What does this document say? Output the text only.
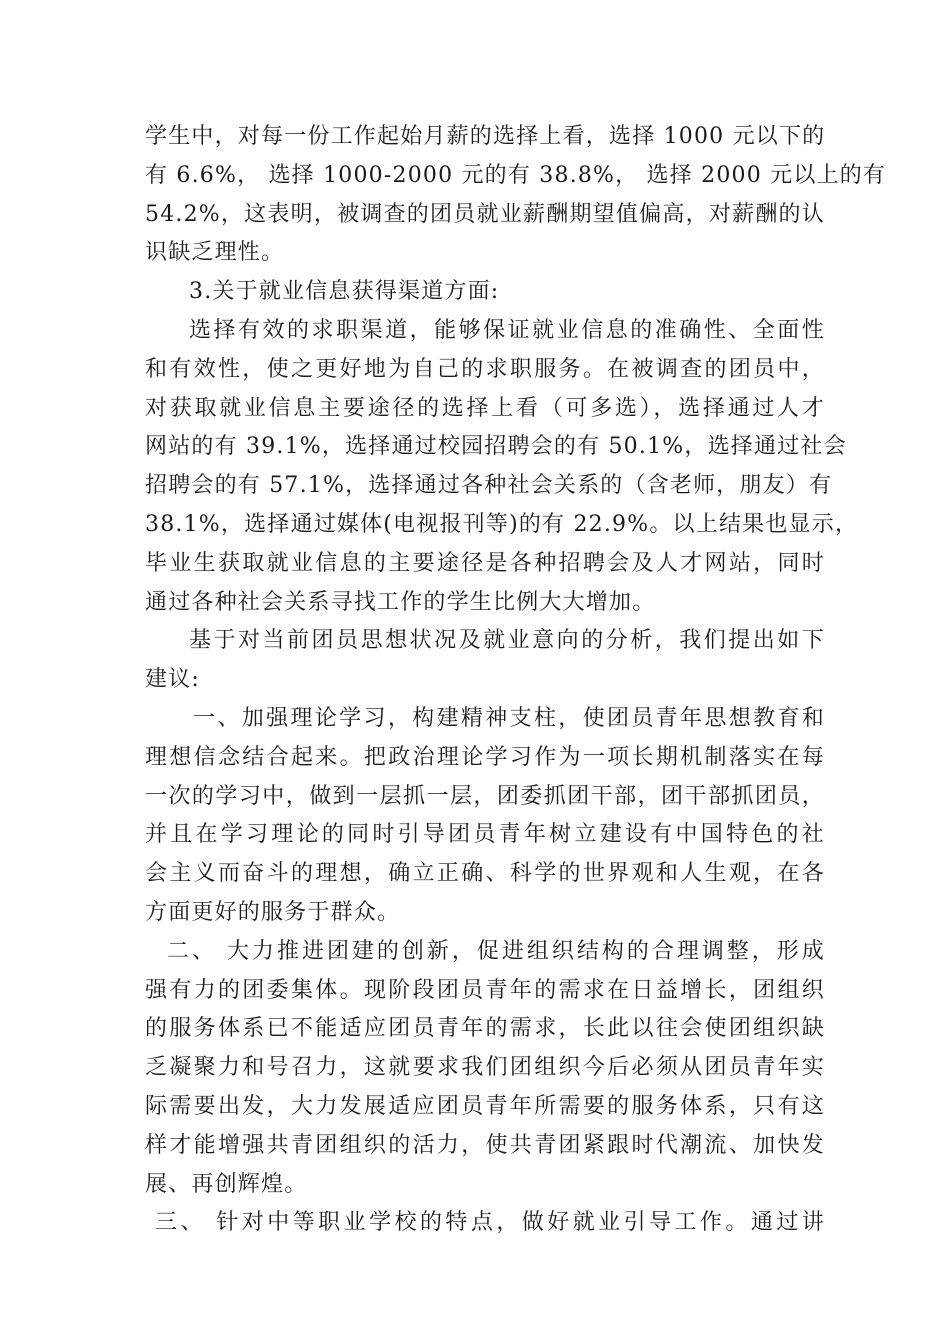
学生中，对每一份工作起始月薪的选择上看，选择 1000 元以下的
有 6.6%， 选择 1000-2000 元的有 38.8%， 选择 2000 元以上的有
54.2%，这表明，被调查的团员就业薪酬期望值偏高，对薪酬的认
识缺乏理性。
3.关于就业信息获得渠道方面:
选择有效的求职渠道，能够保证就业信息的准确性、全面性
和有效性，使之更好地为自己的求职服务。在被调查的团员中，
对获取就业信息主要途径的选择上看（可多选），选择通过人才
网站的有 39.1%，选择通过校园招聘会的有 50.1%，选择通过社会
招聘会的有 57.1%，选择通过各种社会关系的（含老师，朋友）有
38.1%，选择通过媒体(电视报刊等)的有 22.9%。以上结果也显示，
毕业生获取就业信息的主要途径是各种招聘会及人才网站，同时
通过各种社会关系寻找工作的学生比例大大增加。
基于对当前团员思想状况及就业意向的分析，我们提出如下
建议:
一、加强理论学习，构建精神支柱，使团员青年思想教育和
理想信念结合起来。把政治理论学习作为一项长期机制落实在每
一次的学习中，做到一层抓一层，团委抓团干部，团干部抓团员，
并且在学习理论的同时引导团员青年树立建设有中国特色的社
会主义而奋斗的理想，确立正确、科学的世界观和人生观，在各
方面更好的服务于群众。
二、 大力推进团建的创新，促进组织结构的合理调整，形成
强有力的团委集体。现阶段团员青年的需求在日益增长，团组织
的服务体系已不能适应团员青年的需求，长此以往会使团组织缺
乏凝聚力和号召力，这就要求我们团组织今后必须从团员青年实
际需要出发，大力发展适应团员青年所需要的服务体系，只有这
样才能增强共青团组织的活力，使共青团紧跟时代潮流、加快发
展、再创辉煌。
三、 针对中等职业学校的特点，做好就业引导工作。通过讲
